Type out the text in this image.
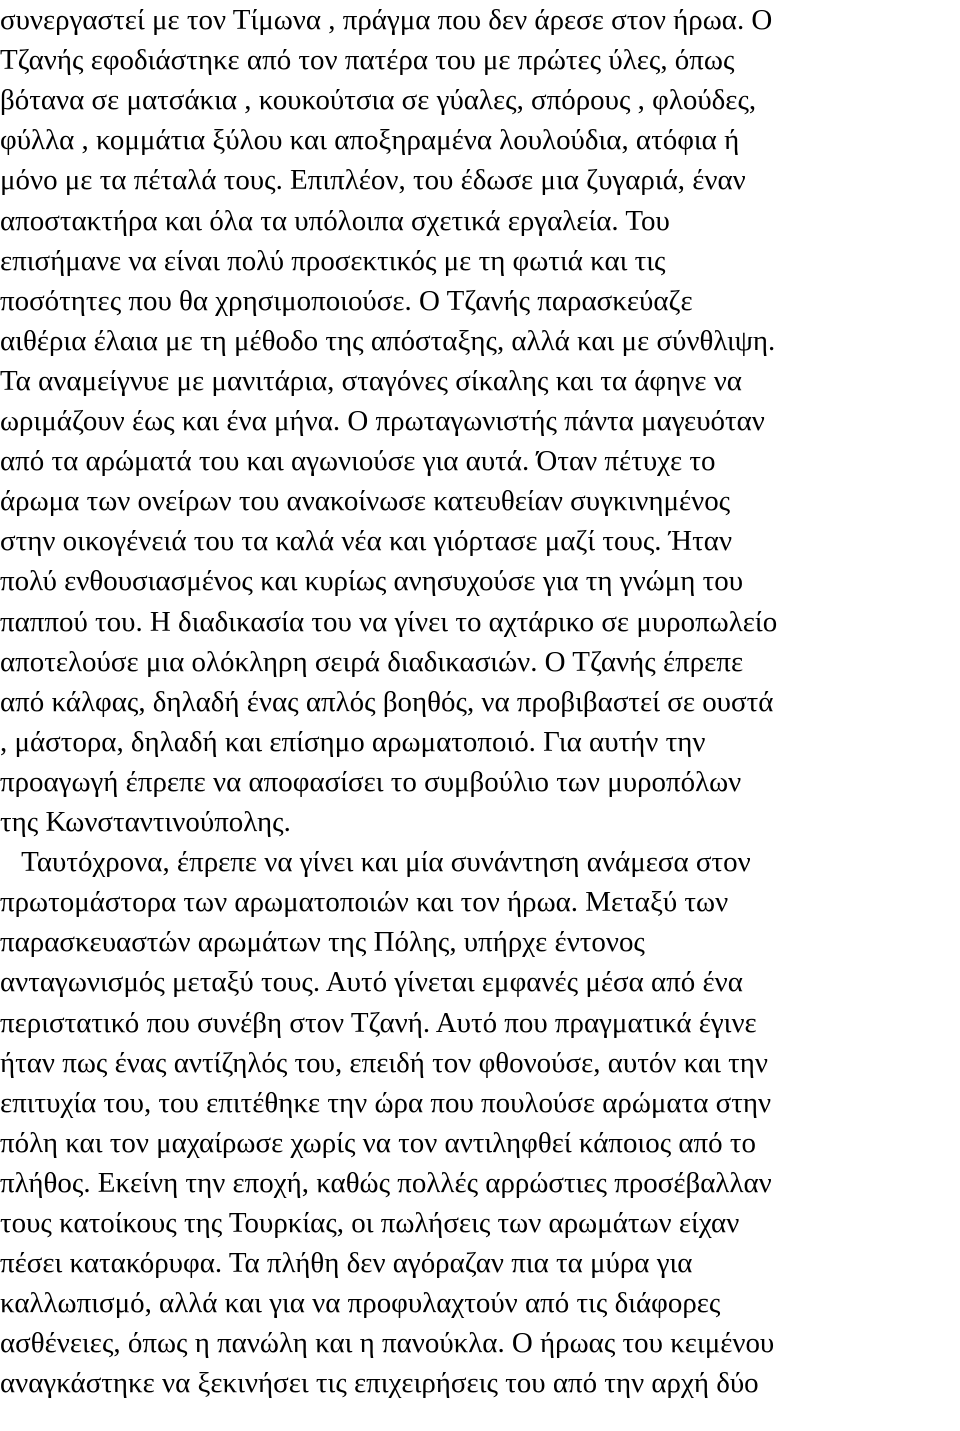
συνεργαστεί με τον Τίμωνα , πράγμα που δεν άρεσε στον ήρωα. Ο
Τζανής εφοδιάστηκε από τον πατέρα του με πρώτες ύλες, όπως
βότανα σε ματσάκια , κουκούτσια σε γύαλες, σπόρους , φλούδες,
φύλλα , κομμάτια ξύλου και αποξηραμένα λουλούδια, ατόφια ή
μόνο με τα πέταλά τους. Επιπλέον, του έδωσε μια ζυγαριά, έναν
αποστακτήρα και όλα τα υπόλοιπα σχετικά εργαλεία. Του
επισήμανε να είναι πολύ προσεκτικός με τη φωτιά και τις
ποσότητες που θα χρησιμοποιούσε. Ο Τζανής παρασκεύαζε
αιθέρια έλαια με τη μέθοδο της απόσταξης, αλλά και με σύνθλιψη.
Τα αναμείγνυε με μανιτάρια, σταγόνες σίκαλης και τα άφηνε να
ωριμάζουν έως και ένα μήνα. Ο πρωταγωνιστής πάντα μαγευόταν
από τα αρώματά του και αγωνιούσε για αυτά. Όταν πέτυχε το
άρωμα των ονείρων του ανακοίνωσε κατευθείαν συγκινημένος
στην οικογένειά του τα καλά νέα και γιόρτασε μαζί τους. Ήταν
πολύ ενθουσιασμένος και κυρίως ανησυχούσε για τη γνώμη του
παππού του. Η διαδικασία του να γίνει το αχτάρικο σε μυροπωλείο
αποτελούσε μια ολόκληρη σειρά διαδικασιών. Ο Τζανής έπρεπε
από κάλφας, δηλαδή ένας απλός βοηθός, να προβιβαστεί σε ουστά
, μάστορα, δηλαδή και επίσημο αρωματοποιό. Για αυτήν την
προαγωγή έπρεπε να αποφασίσει το συμβούλιο των μυροπόλων
της Κωνσταντινούπολης.
Ταυτόχρονα, έπρεπε να γίνει και μία συνάντηση ανάμεσα στον
πρωτομάστορα των αρωματοποιών και τον ήρωα. Μεταξύ των
παρασκευαστών αρωμάτων της Πόλης, υπήρχε έντονος
ανταγωνισμός μεταξύ τους. Αυτό γίνεται εμφανές μέσα από ένα
περιστατικό που συνέβη στον Τζανή. Αυτό που πραγματικά έγινε
ήταν πως ένας αντίζηλός του, επειδή τον φθονούσε, αυτόν και την
επιτυχία του, του επιτέθηκε την ώρα που πουλούσε αρώματα στην
πόλη και τον μαχαίρωσε χωρίς να τον αντιληφθεί κάποιος από το
πλήθος. Εκείνη την εποχή, καθώς πολλές αρρώστιες προσέβαλλαν
τους κατοίκους της Τουρκίας, οι πωλήσεις των αρωμάτων είχαν
πέσει κατακόρυφα. Τα πλήθη δεν αγόραζαν πια τα μύρα για
καλλωπισμό, αλλά και για να προφυλαχτούν από τις διάφορες
ασθένειες, όπως η πανώλη και η πανούκλα. Ο ήρωας του κειμένου
αναγκάστηκε να ξεκινήσει τις επιχειρήσεις του από την αρχή δύο
